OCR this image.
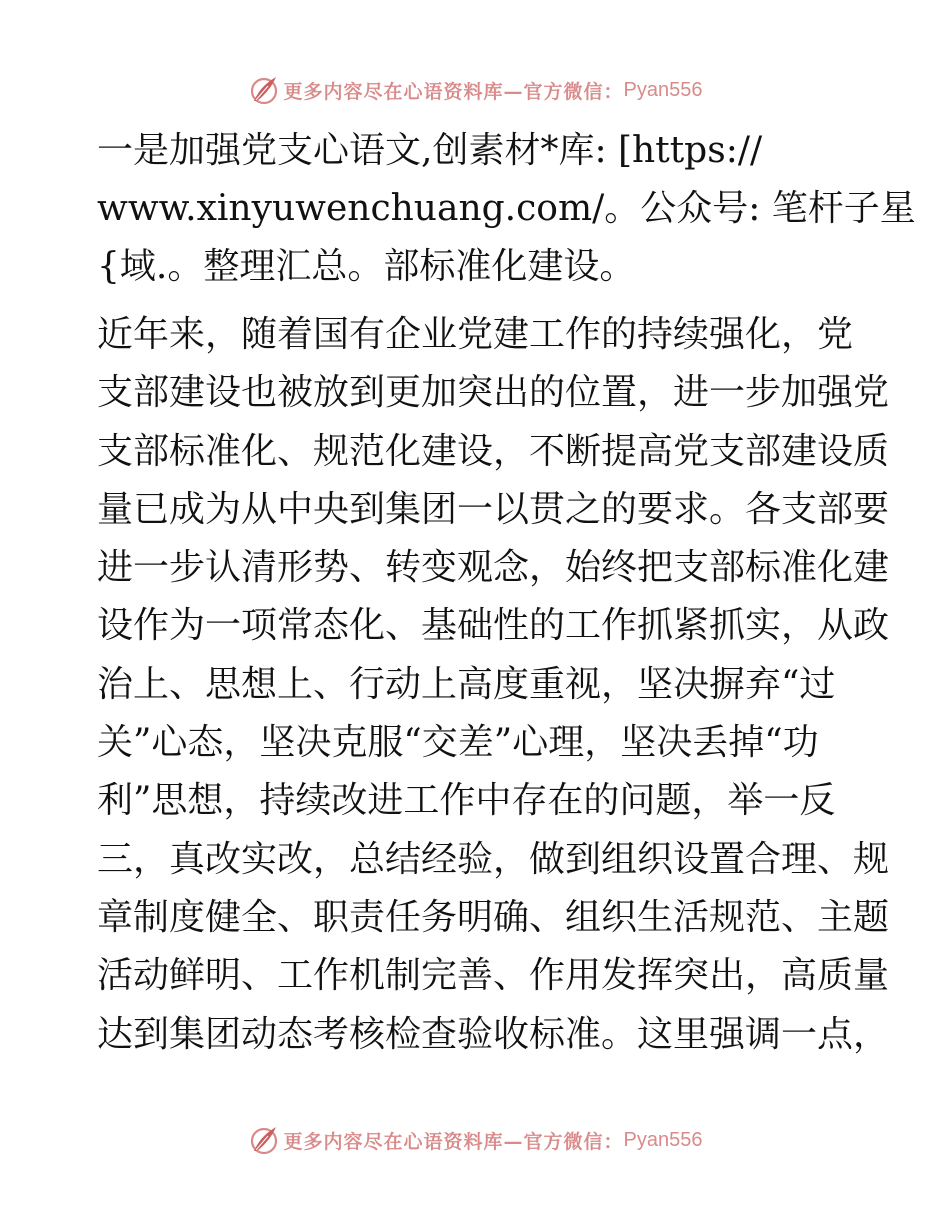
更多内容尽在心语资料库—官方微信： Pyan556
一是加强党支心语文,创素材*库: [https://
www.xinyuwenchuang.com/。公众号: 笔杆子星
{域.。整理汇总。部标准化建设。
近年来，随着国有企业党建工作的持续强化，党
支部建设也被放到更加突出的位置，进一步加强党
支部标准化、规范化建设，不断提高党支部建设质
量已成为从中央到集团一以贯之的要求。各支部要
进一步认清形势、转变观念，始终把支部标准化建
设作为一项常态化、基础性的工作抓紧抓实，从政
治上、思想上、行动上高度重视，坚决摒弃“过
关”心态，坚决克服“交差”心理，坚决丢掉“功
利”思想，持续改进工作中存在的问题，举一反
三，真改实改，总结经验，做到组织设置合理、规
章制度健全、职责任务明确、组织生活规范、主题
活动鲜明、工作机制完善、作用发挥突出，高质量
达到集团动态考核检查验收标准。这里强调一点，
更多内容尽在心语资料库—官方微信： Pyan556
